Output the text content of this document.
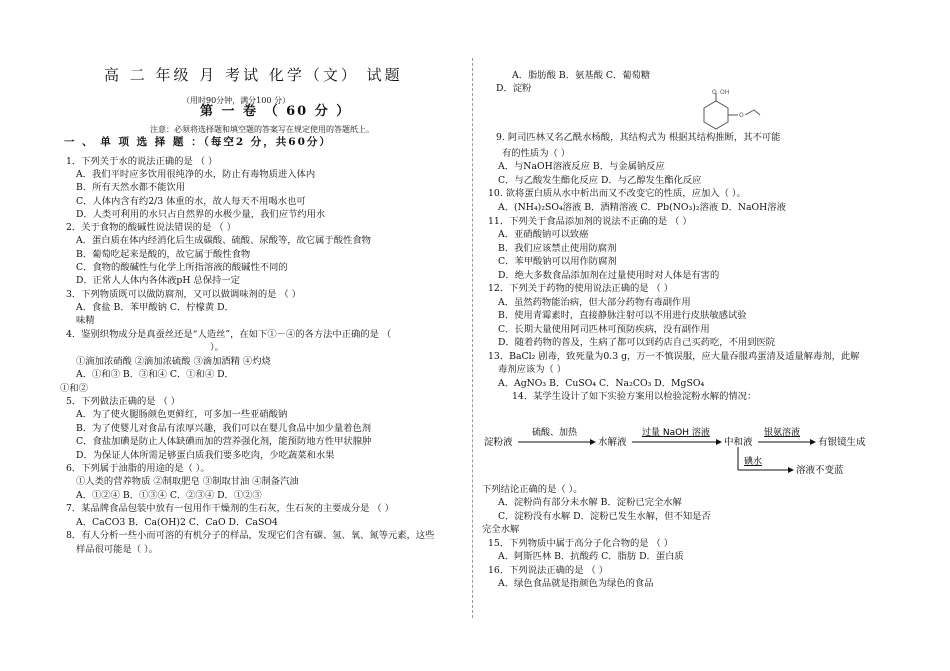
高 二 年级 月 考试 化学（文） 试题
（用时90分钟，满分100 分）
第 一 卷 （ 60 分 ）
注意：必须将选择题和填空题的答案写在规定使用的答题纸上。
一 、 单 项 选 择 题 ：（每空2 分，共60分）
1．下列关于水的说法正确的是 （ ）
A．我们平时应多饮用很纯净的水，防止有毒物质进入体内
B．所有天然水都不能饮用
C．人体内含有约2/3 体重的水，故人每天不用喝水也可
D．人类可利用的水只占自然界的水极少量，我们应节约用水
2．关于食物的酸碱性说法错误的是 （ ）
A．蛋白质在体内经消化后生成碳酸、硫酸、尿酸等，故它属于酸性食物
B．葡萄吃起来是酸的，故它属于酸性食物
C．食物的酸碱性与化学上所指溶液的酸碱性不同的
D．正常人人体内各体液pH 总保持一定
3．下列物质既可以做防腐剂，又可以做调味剂的是 （ ）
A．食盐 B．苯甲酸钠 C．柠檬黄 D．
味精
4．鉴别织物成分是真蚕丝还是“人造丝”，在如下①－④的各方法中正确的是 （
）。
①滴加浓硝酸 ②滴加浓硫酸 ③滴加酒精 ④灼烧
A．①和③ B．③和④ C．①和④ D．
①和②
5．下列做法正确的是 （ ）
A．为了使火腿肠颜色更鲜红，可多加一些亚硝酸钠
B．为了使婴儿对食品有浓厚兴趣，我们可以在婴儿食品中加少量着色剂
C．食盐加碘是防止人体缺碘而加的营养强化剂，能预防地方性甲状腺肿
D．为保证人体所需足够蛋白质我们要多吃肉，少吃蔬菜和水果
6．下列属于油脂的用途的是（ ）。
①人类的营养物质 ②制取肥皂 ③制取甘油 ④制备汽油
A．①②④ B．①③④ C．②③④ D．①②③
7．某品牌食品包装中放有一包用作干燥剂的生石灰，生石灰的主要成分是 （ ）
A．CaCO3 B．Ca(OH)2 C．CaO D．CaSO4
8．有人分析一些小而可溶的有机分子的样品，发现它们含有碳、氢、氧、氮等元素，这些
样品很可能是（ ）。
A．脂肪酸 B．氨基酸 C．葡萄糖
D．淀粉
9. 阿司匹林又名乙酰水杨酸，其结构式为 根据其结构推断，其不可能
有的性质为（ ）
A．与NaOH溶液反应 B．与金属钠反应
C．与乙酸发生酯化反应 D．与乙醇发生酯化反应
10. 欲将蛋白质从水中析出而又不改变它的性质，应加入（ ）。
A．(NH₄)₂SO₄溶液 B．酒精溶液 C．Pb(NO₃)₂溶液 D．NaOH溶液
11．下列关于食品添加剂的说法不正确的是 （ ）
A．亚硝酸钠可以致癌
B．我们应该禁止使用防腐剂
C．苯甲酸钠可以用作防腐剂
D．绝大多数食品添加剂在过量使用时对人体是有害的
12．下列关于药物的使用说法正确的是 （ ）
A．虽然药物能治病，但大部分药物有毒副作用
B．使用青霉素时，直接静脉注射可以不用进行皮肤敏感试验
C．长期大量使用阿司匹林可预防疾病，没有副作用
D．随着药物的普及，生病了都可以到药店自己买药吃，不用到医院
13．BaCl₂ 剧毒，致死量为0.3 g，万一不慎误服，应大量吞服鸡蛋清及适量解毒剂，此解
毒剂应该为（ ）
A．AgNO₃ B．CuSO₄ C．Na₂CO₃ D．MgSO₄
14．某学生设计了如下实验方案用以检验淀粉水解的情况：
下列结论正确的是（ ）。
A．淀粉尚有部分未水解 B．淀粉已完全水解
C．淀粉没有水解 D．淀粉已发生水解，但不知是否
完全水解
15．下列物质中属于高分子化合物的是 （ ）
A．阿斯匹林 B．抗酸药 C．脂肪 D．蛋白质
16．下列说法正确的是 （ ）
A．绿色食品就是指颜色为绿色的食品
O OH
O
淀粉液
硫酸、加热
水解液
过量 NaOH 溶液
中和液
银氨溶液
有银镜生成
碘水
溶液不变蓝
